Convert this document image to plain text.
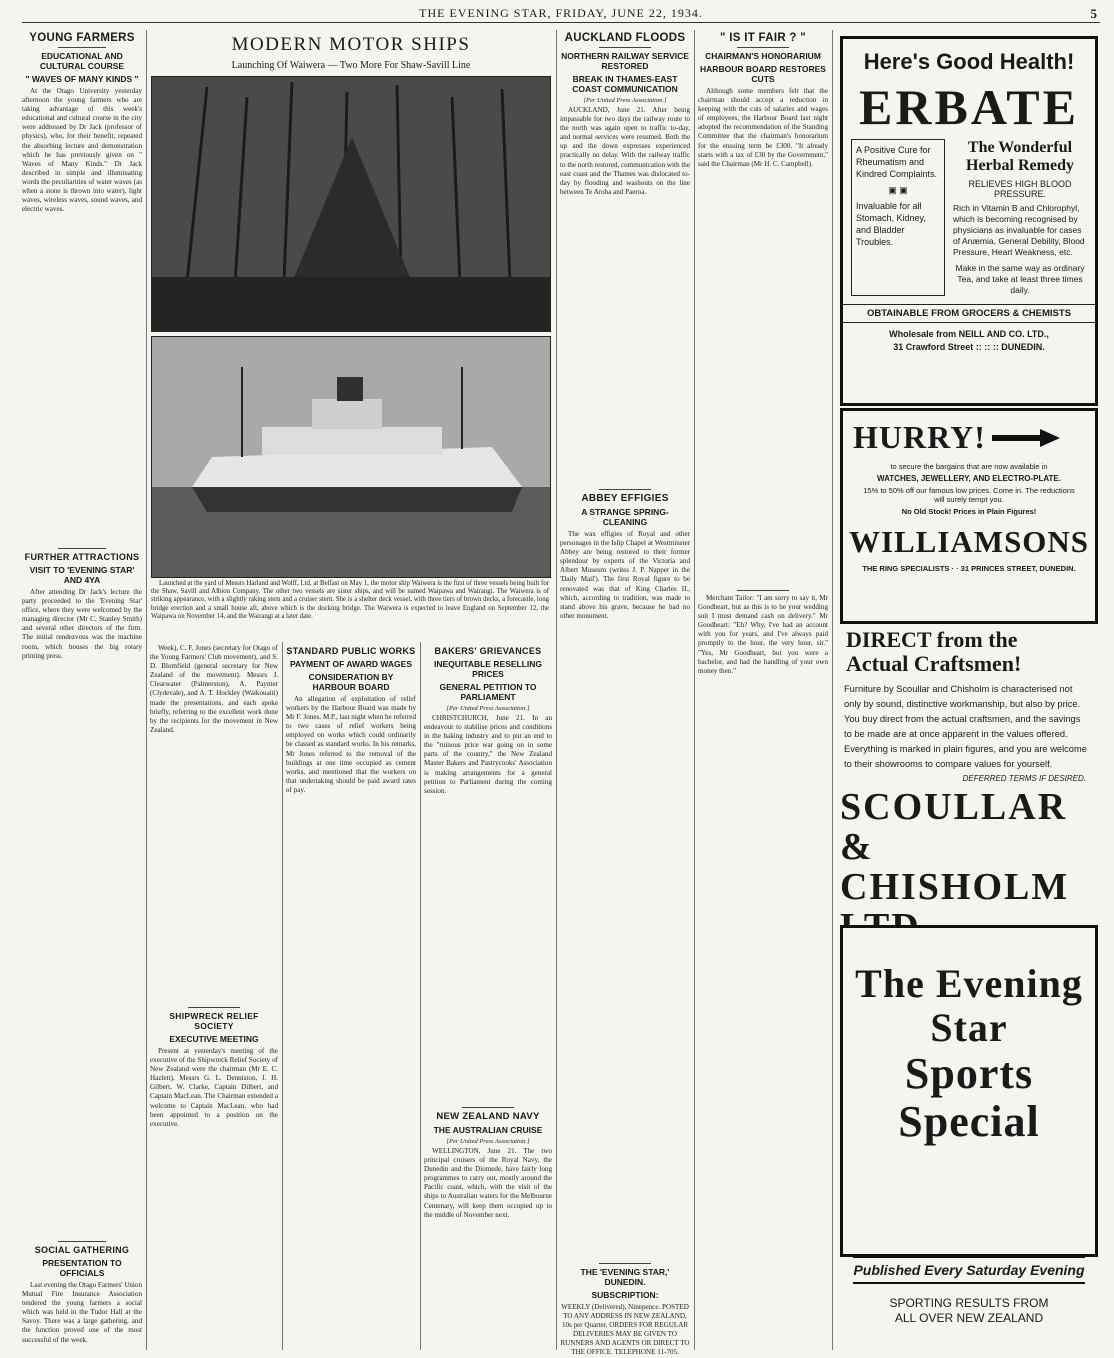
THE EVENING STAR, FRIDAY, JUNE 22, 1934.	5
YOUNG FARMERS
EDUCATIONAL AND CULTURAL COURSE
" WAVES OF MANY KINDS "

At the Otago University yesterday afternoon the young farmers who are taking advantage of this week's educational and cultural course in the city were addressed by Dr Jack (professor of physics), who, for their benefit, repeated the absorbing lecture and demonstration which he has previously given on " Waves of Many Kinds." Dr Jack described in simple and illuminating words the peculiarities of water waves (as when a stone is thrown into water), light waves, wireless waves, sound waves, and electric waves.

FURTHER ATTRACTIONS
VISIT TO 'EVENING STAR' AND 4YA

After attending Dr Jack's lecture the party proceeded to the 'Evening Star' office, where they were welcomed by the managing director (Mr C. Stanley Smith) and several other directors of the firm. The initial rendezvous was the machine room, which houses the big rotary printing press.

SOCIAL GATHERING
PRESENTATION TO OFFICIALS

Last evening the Otago Farmers' Union Mutual Fire Insurance Association tendered the young farmers a social which was held in the Tudor Hall at the Savoy. There was a large gathering, and the function proved one of the most successful of the week.

MODERN MOTOR SHIPS
Launching Of Waiwera — Two More For Shaw-Savill Line

Launched at the yard of Messrs Harland and Wolff, Ltd, at Belfast on May 1, the motor ship Waiwera is the first of three vessels being built for the Shaw, Savill and Albion Company. The other two vessels are sister ships, and will be named Waipawa and Wairangi. The Waiwera is of striking appearance, with a slightly raking stem and a cruiser stern. She is a shelter deck vessel, with three tiers of brown decks, a forecastle, long bridge erection and a small house aft, above which is the docking bridge. The Waiwera is expected to leave England on September 12, the Waipawa on November 14, and the Wairangi at a later date.

Week), C. F. Jones (secretary for Otago of the Young Farmers' Club movement), and S. D. Blomfield (general secretary for New Zealand of the movement). Messrs J. Clearwater (Palmerston), A. Paynter (Clydevale), and A. T. Hockley (Waikouaiti) made the presentations, and each spoke briefly, referring to the excellent work done by the recipients for the movement in New Zealand.

SHIPWRECK RELIEF SOCIETY
EXECUTIVE MEETING

Present at yesterday's meeting of the executive of the Shipwreck Relief Society of New Zealand were the chairman (Mr E. C. Hazlett), Messrs G. L. Denniston, J. H. Gilbert, W. Clarke, Captain Dilbert, and Captain MacLean. The Chairman extended a welcome to Captain MacLean, who had been appointed to a position on the executive.

STANDARD PUBLIC WORKS
PAYMENT OF AWARD WAGES
CONSIDERATION BY HARBOUR BOARD

An allegation of exploitation of relief workers by the Harbour Board was made by Mr F. Jones, M.P., last night when he referred to two cases of relief workers being employed on works which could ordinarily be classed as standard works. In his remarks, Mr Jones referred to the removal of the buildings at one time occupied as cement works, and mentioned that the workers on that undertaking should be paid award rates of pay.

BAKERS' GRIEVANCES
INEQUITABLE RESELLING PRICES
GENERAL PETITION TO PARLIAMENT
[Per United Press Association.]

CHRISTCHURCH, June 21. In an endeavour to stabilise prices and conditions in the baking industry and to put an end to the "ruinous price war going on in some parts of the country," the New Zealand Master Bakers and Pastrycooks' Association is making arrangements for a general petition to Parliament during the coming session.

NEW ZEALAND NAVY
THE AUSTRALIAN CRUISE
[Per United Press Association.]

WELLINGTON, June 21. The two principal cruisers of the Royal Navy, the Dunedin and the Diomede, have fairly long programmes to carry out, mostly around the Pacific coast, which, with the visit of the ships to Australian waters for the Melbourne Centenary, will keep them occupied up to the middle of November next.

AUCKLAND FLOODS
NORTHERN RAILWAY SERVICE RESTORED
BREAK IN THAMES-EAST COAST COMMUNICATION
[Per United Press Association.]

AUCKLAND, June 21. After being impassable for two days the railway route to the north was again open to traffic to-day, and normal services were resumed. Both the up and the down expresses experienced practically no delay. With the railway traffic to the north restored, communication with the east coast and the Thames was dislocated to-day by flooding and washouts on the line between Te Aroha and Paeroa.

ABBEY EFFIGIES
A STRANGE SPRING-CLEANING

The wax effigies of Royal and other personages in the Islip Chapel at Westminster Abbey are being restored to their former splendour by experts of the Victoria and Albert Museum (writes J. P. Napper in the 'Daily Mail'). The first Royal figure to be renovated was that of King Charles II., which, according to tradition, was made to stand above his grave, because he had no other monument.

THE 'EVENING STAR,' DUNEDIN.
SUBSCRIPTION:

WEEKLY (Delivered), Ninepence. POSTED TO ANY ADDRESS IN NEW ZEALAND, 10s per Quarter. ORDERS FOR REGULAR DELIVERIES MAY BE GIVEN TO RUNNERS AND AGENTS OR DIRECT TO THE OFFICE. TELEPHONE 11-705.

" IS IT FAIR ? "
CHAIRMAN'S HONORARIUM
HARBOUR BOARD RESTORES CUTS

Although some members felt that the chairman should accept a reduction in keeping with the cuts of salaries and wages of employees, the Harbour Board last night adopted the recommendation of the Standing Committee that the chairman's honorarium for the ensuing term be £300. "It already starts with a tax of £30 by the Government," said the Chairman (Mr H. C. Campbell).

Merchant Tailor: "I am sorry to say it, Mr Goodheart, but as this is to be your wedding suit I must demand cash on delivery." Mr Goodheart: "Eh? Why, I've had an account with you for years, and I've always paid promptly to the hour, the very hour, sir." "Yes, Mr Goodheart, but you were a bachelor, and had the handling of your own money then."

Here's Good Health!
ERBATE
A Positive Cure for Rheumatism and Kindred Complaints.
▣ ▣
Invaluable for all Stomach, Kidney, and Bladder Troubles.
The Wonderful Herbal Remedy
RELIEVES HIGH BLOOD PRESSURE.
Rich in Vitamin B and Chlorophyl, which is becoming recognised by physicians as invaluable for cases of Anæmia, General Debility, Blood Pressure, Heart Weakness, etc.
Make in the same way as ordinary Tea, and take at least three times daily.
OBTAINABLE FROM GROCERS & CHEMISTS
Wholesale from NEILL AND CO. LTD.,
31 Crawford Street :: :: :: DUNEDIN.
HURRY!
to secure the bargains that are now available in
WATCHES, JEWELLERY, AND ELECTRO-PLATE.
15% to 50% off our famous low prices. Come in. The reductions will surely tempt you.
No Old Stock! Prices in Plain Figures!
WILLIAMSONS
THE RING SPECIALISTS · · 31 PRINCES STREET, DUNEDIN.
DIRECT from the Actual Craftsmen!
Furniture by Scoullar and Chisholm is characterised not only by sound, distinctive workmanship, but also by price. You buy direct from the actual craftsmen, and the savings to be made are at once apparent in the values offered. Everything is marked in plain figures, and you are welcome to their showrooms to compare values for yourself.
DEFERRED TERMS IF DESIRED.
SCOULLAR &
CHISHOLM
The Evening Star
Sports Special
Published Every Saturday Evening
SPORTING RESULTS FROM ALL OVER NEW ZEALAND
